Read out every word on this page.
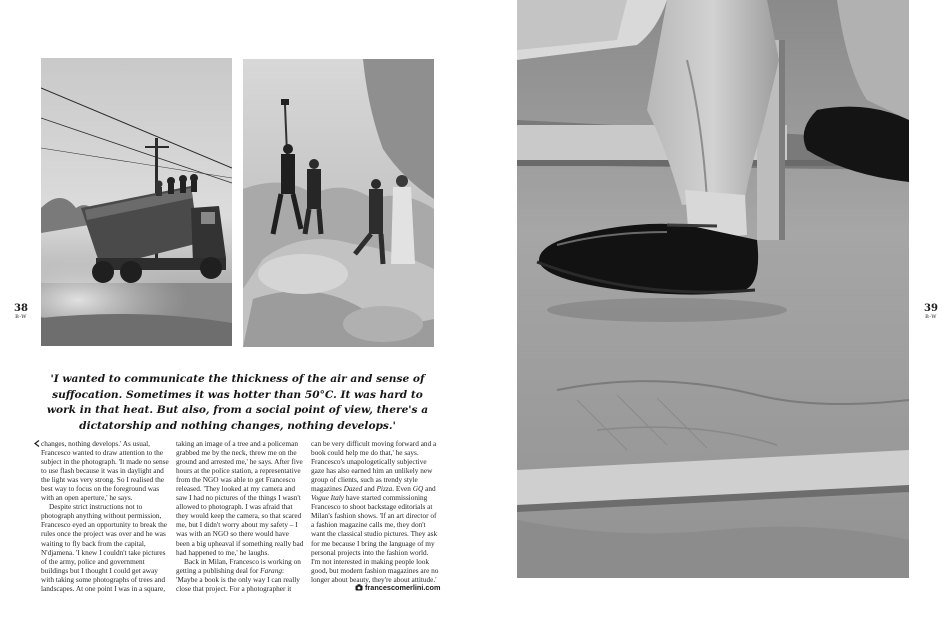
38
B-W
'I wanted to communicate the thickness of the air and sense of suffocation. Sometimes it was hotter than 50°C. It was hard to work in that heat. But also, from a social point of view, there's a dictatorship and nothing changes, nothing develops.'

changes, nothing develops.' As usual, Francesco wanted to draw attention to the subject in the photograph. 'It made no sense to use flash because it was in daylight and the light was very strong. So I realised the best way to focus on the foreground was with an open aperture,' he says.

Despite strict instructions not to photograph anything without permission, Francesco eyed an opportunity to break the rules once the project was over and he was waiting to fly back from the capital, N'djamena. 'I knew I couldn't take pictures of the army, police and government buildings but I thought I could get away with taking some photographs of trees and landscapes. At one point I was in a square,

taking an image of a tree and a policeman grabbed me by the neck, threw me on the ground and arrested me,' he says. After five hours at the police station, a representative from the NGO was able to get Francesco released. 'They looked at my camera and saw I had no pictures of the things I wasn't allowed to photograph. I was afraid that they would keep the camera, so that scared me, but I didn't worry about my safety – I was with an NGO so there would have been a big upheaval if something really bad had happened to me,' he laughs.

Back in Milan, Francesco is working on getting a publishing deal for Farang: 'Maybe a book is the only way I can really close that project. For a photographer it

can be very difficult moving forward and a book could help me do that,' he says. Francesco's unapologetically subjective gaze has also earned him an unlikely new group of clients, such as trendy style magazines Dazed and Pizza. Even GQ and Vogue Italy have started commissioning Francesco to shoot backstage editorials at Milan's fashion shows. 'If an art director of a fashion magazine calls me, they don't want the classical studio pictures. They ask for me because I bring the language of my personal projects into the fashion world. I'm not interested in making people look good, but modern fashion magazines are no longer about beauty, they're about attitude.'

francescomerlini.com
39
B-W
